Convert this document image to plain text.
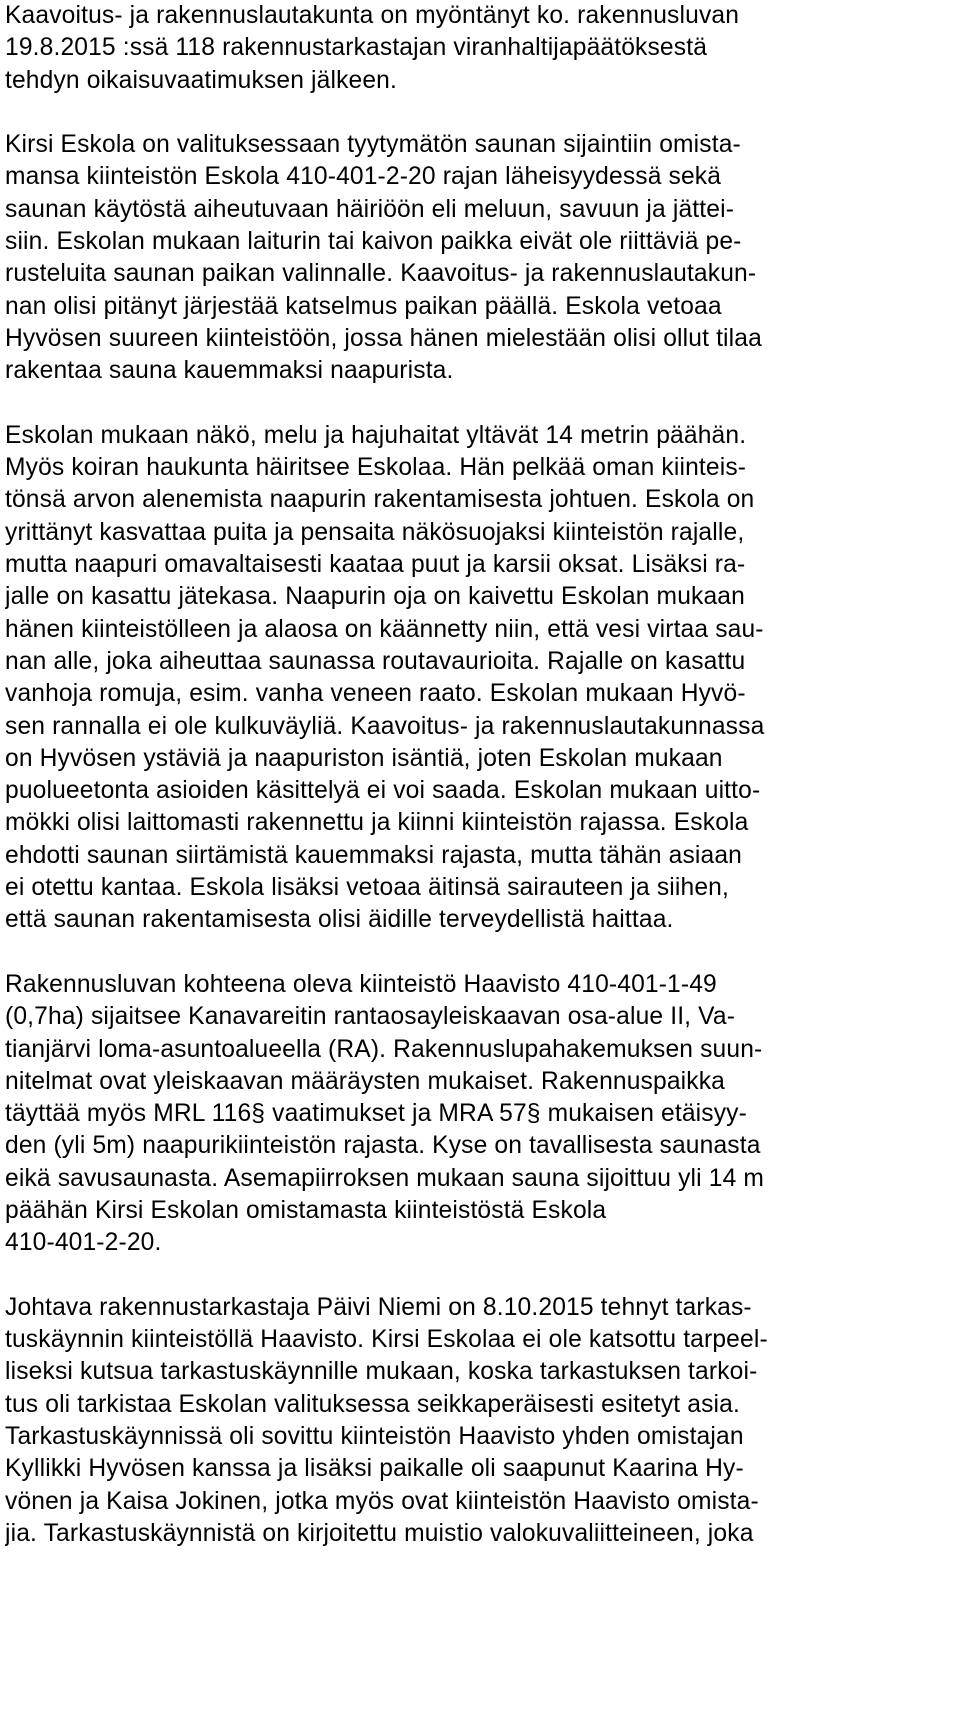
Kaavoitus- ja rakennuslautakunta on myöntänyt ko. rakennusluvan
19.8.2015 :ssä 118 rakennustarkastajan viranhaltijapäätöksestä
tehdyn oikaisuvaatimuksen jälkeen.
Kirsi Eskola on valituksessaan tyytymätön saunan sijaintiin omista-
mansa kiinteistön Eskola 410-401-2-20 rajan läheisyydessä sekä
saunan käytöstä aiheutuvaan häiriöön eli meluun, savuun ja jättei-
siin. Eskolan mukaan laiturin tai kaivon paikka eivät ole riittäviä pe-
rusteluita saunan paikan valinnalle. Kaavoitus- ja rakennuslautakun-
nan olisi pitänyt järjestää katselmus paikan päällä. Eskola vetoaa
Hyvösen suureen kiinteistöön, jossa hänen mielestään olisi ollut tilaa
rakentaa sauna kauemmaksi naapurista.
Eskolan mukaan näkö, melu ja hajuhaitat yltävät 14 metrin päähän.
Myös koiran haukunta häiritsee Eskolaa. Hän pelkää oman kiinteis-
tönsä arvon alenemista naapurin rakentamisesta johtuen. Eskola on
yrittänyt kasvattaa puita ja pensaita näkösuojaksi kiinteistön rajalle,
mutta naapuri omavaltaisesti kaataa puut ja karsii oksat. Lisäksi ra-
jalle on kasattu jätekasa. Naapurin oja on kaivettu Eskolan mukaan
hänen kiinteistölleen ja alaosa on käännetty niin, että vesi virtaa sau-
nan alle, joka aiheuttaa saunassa routavaurioita. Rajalle on kasattu
vanhoja romuja, esim. vanha veneen raato. Eskolan mukaan Hyvö-
sen rannalla ei ole kulkuväyliä. Kaavoitus- ja rakennuslautakunnassa
on Hyvösen ystäviä ja naapuriston isäntiä, joten Eskolan mukaan
puolueetonta asioiden käsittelyä ei voi saada. Eskolan mukaan uitto-
mökki olisi laittomasti rakennettu ja kiinni kiinteistön rajassa. Eskola
ehdotti saunan siirtämistä kauemmaksi rajasta, mutta tähän asiaan
ei otettu kantaa. Eskola lisäksi vetoaa äitinsä sairauteen ja siihen,
että saunan rakentamisesta olisi äidille terveydellistä haittaa.
Rakennusluvan kohteena oleva kiinteistö Haavisto 410-401-1-49
(0,7ha) sijaitsee Kanavareitin rantaosayleiskaavan osa-alue II, Va-
tianjärvi loma-asuntoalueella (RA). Rakennuslupahakemuksen suun-
nitelmat ovat yleiskaavan määräysten mukaiset. Rakennuspaikka
täyttää myös MRL 116§ vaatimukset ja MRA 57§ mukaisen etäisyy-
den (yli 5m) naapurikiinteistön rajasta. Kyse on tavallisesta saunasta
eikä savusaunasta. Asemapiirroksen mukaan sauna sijoittuu yli 14 m
päähän Kirsi Eskolan omistamasta kiinteistöstä Eskola
410-401-2-20.
Johtava rakennustarkastaja Päivi Niemi on 8.10.2015 tehnyt tarkas-
tuskäynnin kiinteistöllä Haavisto. Kirsi Eskolaa ei ole katsottu tarpeel-
liseksi kutsua tarkastuskäynnille mukaan, koska tarkastuksen tarkoi-
tus oli tarkistaa Eskolan valituksessa seikkaperäisesti esitetyt asia.
Tarkastuskäynnissä oli sovittu kiinteistön Haavisto yhden omistajan
Kyllikki Hyvösen kanssa ja lisäksi paikalle oli saapunut Kaarina Hy-
vönen ja Kaisa Jokinen, jotka myös ovat kiinteistön Haavisto omista-
jia. Tarkastuskäynnistä on kirjoitettu muistio valokuvaliitteineen, joka
